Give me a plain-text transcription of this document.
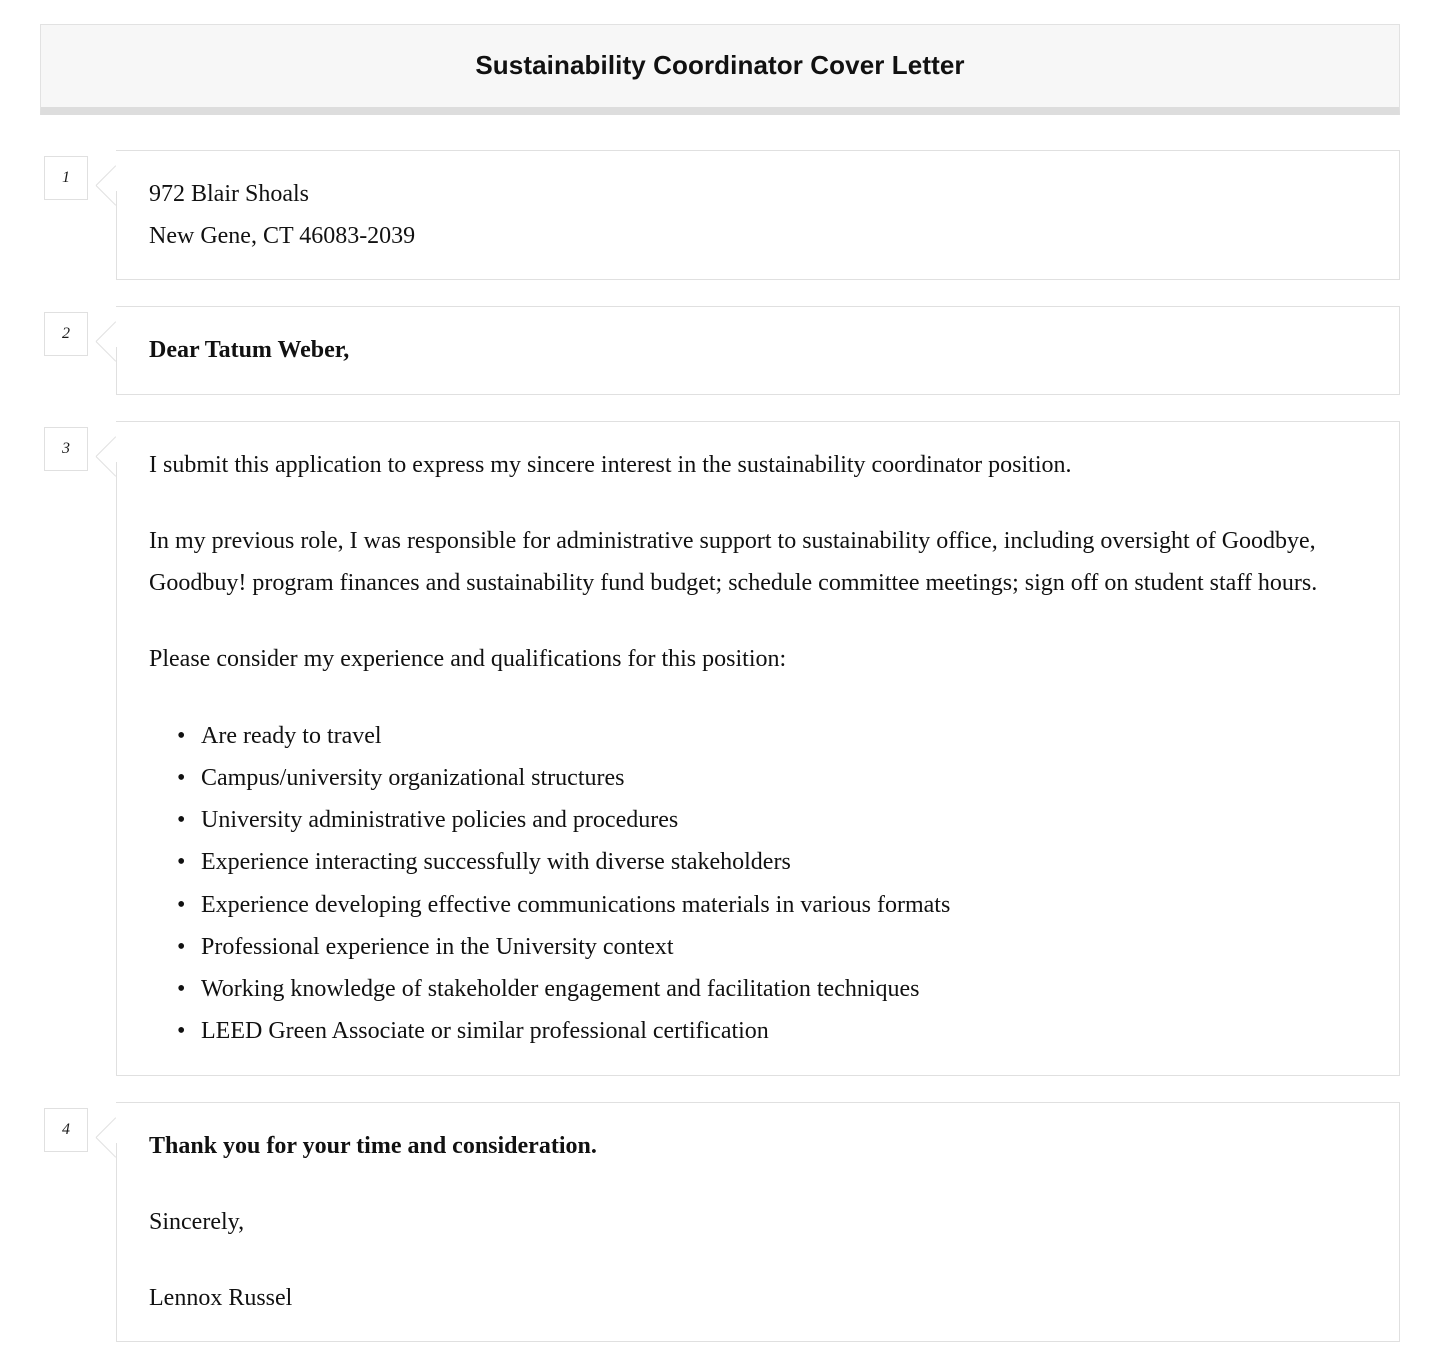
Sustainability Coordinator Cover Letter
1
972 Blair Shoals
New Gene, CT 46083-2039
2
Dear Tatum Weber,
3

I submit this application to express my sincere interest in the sustainability coordinator position.

In my previous role, I was responsible for administrative support to sustainability office, including oversight of Goodbye, Goodbuy! program finances and sustainability fund budget; schedule committee meetings; sign off on student staff hours.

Please consider my experience and qualifications for this position:

• Are ready to travel
• Campus/university organizational structures
• University administrative policies and procedures
• Experience interacting successfully with diverse stakeholders
• Experience developing effective communications materials in various formats
• Professional experience in the University context
• Working knowledge of stakeholder engagement and facilitation techniques
• LEED Green Associate or similar professional certification
4
Thank you for your time and consideration.
Sincerely,
Lennox Russel
